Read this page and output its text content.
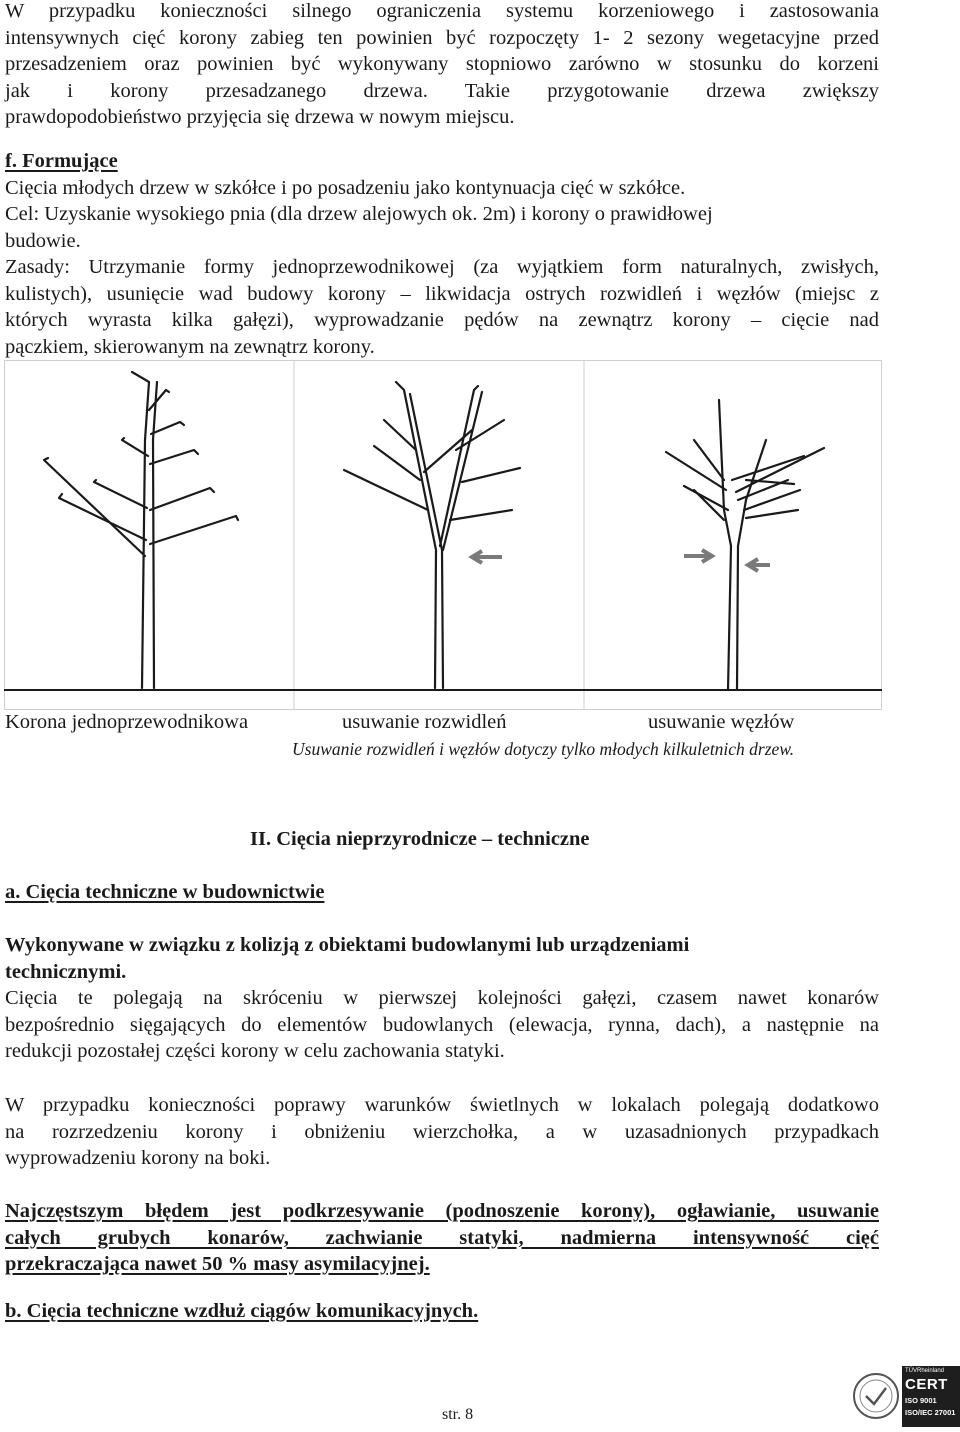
W przypadku konieczności silnego ograniczenia systemu korzeniowego i zastosowania
intensywnych cięć korony zabieg ten powinien być rozpoczęty 1- 2 sezony wegetacyjne przed
przesadzeniem oraz powinien być wykonywany stopniowo zarówno w stosunku do korzeni
jak i korony przesadzanego drzewa. Takie przygotowanie drzewa zwiększy
prawdopodobieństwo przyjęcia się drzewa w nowym miejscu.
f. Formujące
Cięcia młodych drzew w szkółce i po posadzeniu jako kontynuacja cięć w szkółce.
Cel: Uzyskanie wysokiego pnia (dla drzew alejowych ok. 2m) i korony o prawidłowej
budowie.
Zasady: Utrzymanie formy jednoprzewodnikowej (za wyjątkiem form naturalnych, zwisłych,
kulistych), usunięcie wad budowy korony – likwidacja ostrych rozwidleń i węzłów (miejsc z
których wyrasta kilka gałęzi), wyprowadzanie pędów na zewnątrz korony – cięcie nad
pączkiem, skierowanym na zewnątrz korony.
Korona jednoprzewodnikowa	usuwanie rozwidleń	usuwanie węzłów
Usuwanie rozwidleń i węzłów dotyczy tylko młodych kilkuletnich drzew.
II. Cięcia nieprzyrodnicze – techniczne
a. Cięcia techniczne w budownictwie
Wykonywane w związku z kolizją z obiektami budowlanymi lub urządzeniami
technicznymi.
Cięcia te polegają na skróceniu w pierwszej kolejności gałęzi, czasem nawet konarów
bezpośrednio sięgających do elementów budowlanych (elewacja, rynna, dach), a następnie na
redukcji pozostałej części korony w celu zachowania statyki.
W przypadku konieczności poprawy warunków świetlnych w lokalach polegają dodatkowo
na rozrzedzeniu korony i obniżeniu wierzchołka, a w uzasadnionych przypadkach
wyprowadzeniu korony na boki.
Najczęstszym błędem jest podkrzesywanie (podnoszenie korony), ogławianie, usuwanie
całych grubych konarów, zachwianie statyki, nadmierna intensywność cięć
przekraczająca nawet 50 % masy asymilacyjnej.
b. Cięcia techniczne wzdłuż ciągów komunikacyjnych.
str. 8
TÜVRheinland
CERT
ISO 9001
ISO/IEC 27001
